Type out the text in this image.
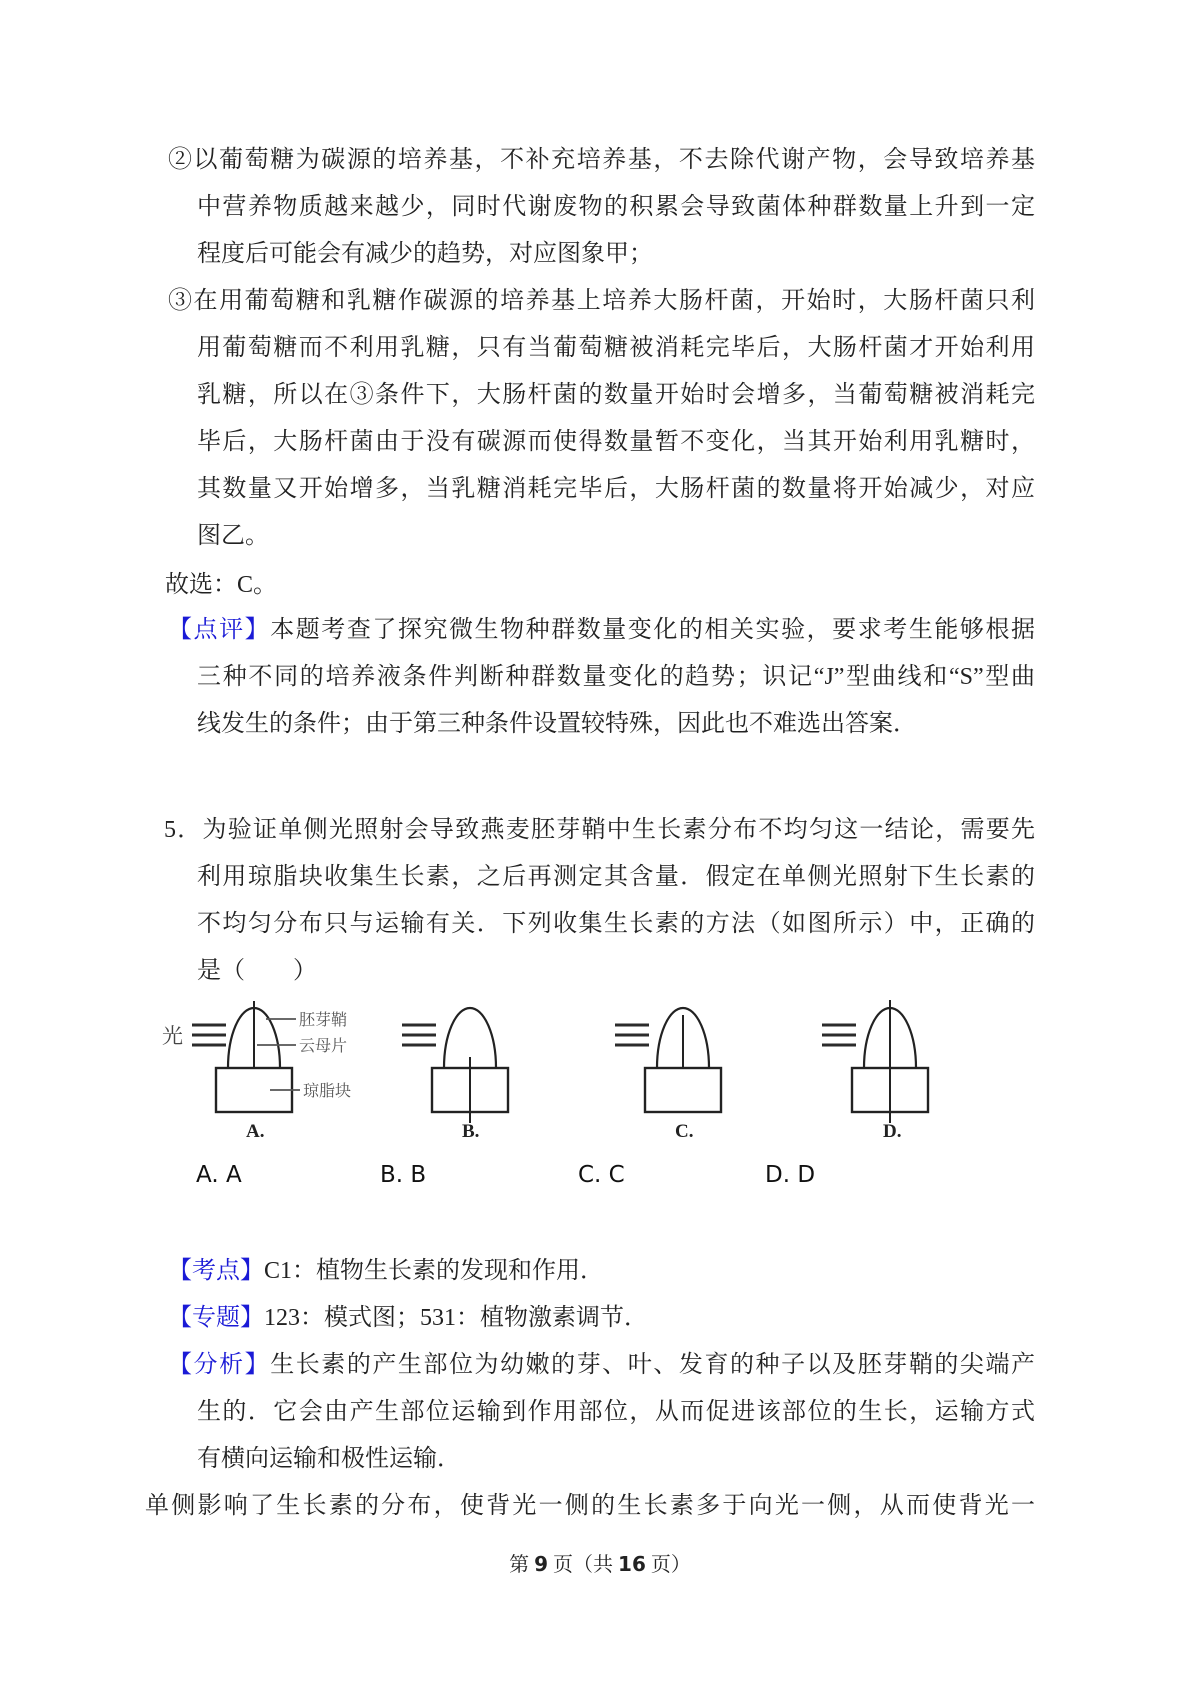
②以葡萄糖为碳源的培养基，不补充培养基，不去除代谢产物，会导致培养基
中营养物质越来越少，同时代谢废物的积累会导致菌体种群数量上升到一定
程度后可能会有减少的趋势，对应图象甲；
③在用葡萄糖和乳糖作碳源的培养基上培养大肠杆菌，开始时，大肠杆菌只利
用葡萄糖而不利用乳糖，只有当葡萄糖被消耗完毕后，大肠杆菌才开始利用
乳糖，所以在③条件下，大肠杆菌的数量开始时会增多，当葡萄糖被消耗完
毕后，大肠杆菌由于没有碳源而使得数量暂不变化，当其开始利用乳糖时，
其数量又开始增多，当乳糖消耗完毕后，大肠杆菌的数量将开始减少，对应
图乙。
故选：C。
【点评】本题考查了探究微生物种群数量变化的相关实验，要求考生能够根据
三种不同的培养液条件判断种群数量变化的趋势；识记“J”型曲线和“S”型曲
线发生的条件；由于第三种条件设置较特殊，因此也不难选出答案．
5．为验证单侧光照射会导致燕麦胚芽鞘中生长素分布不均匀这一结论，需要先
利用琼脂块收集生长素，之后再测定其含量．假定在单侧光照射下生长素的
不均匀分布只与运输有关．下列收集生长素的方法（如图所示）中，正确的
是（　　）
光
胚芽鞘
云母片
琼脂块
A.	B.	C.	D.
A. A	B. B	C. C	D. D
【考点】C1：植物生长素的发现和作用．
【专题】123：模式图；531：植物激素调节．
【分析】生长素的产生部位为幼嫩的芽、叶、发育的种子以及胚芽鞘的尖端产
生的．它会由产生部位运输到作用部位，从而促进该部位的生长，运输方式
有横向运输和极性运输．
单侧影响了生长素的分布，使背光一侧的生长素多于向光一侧，从而使背光一
第 9 页（共 16 页）
